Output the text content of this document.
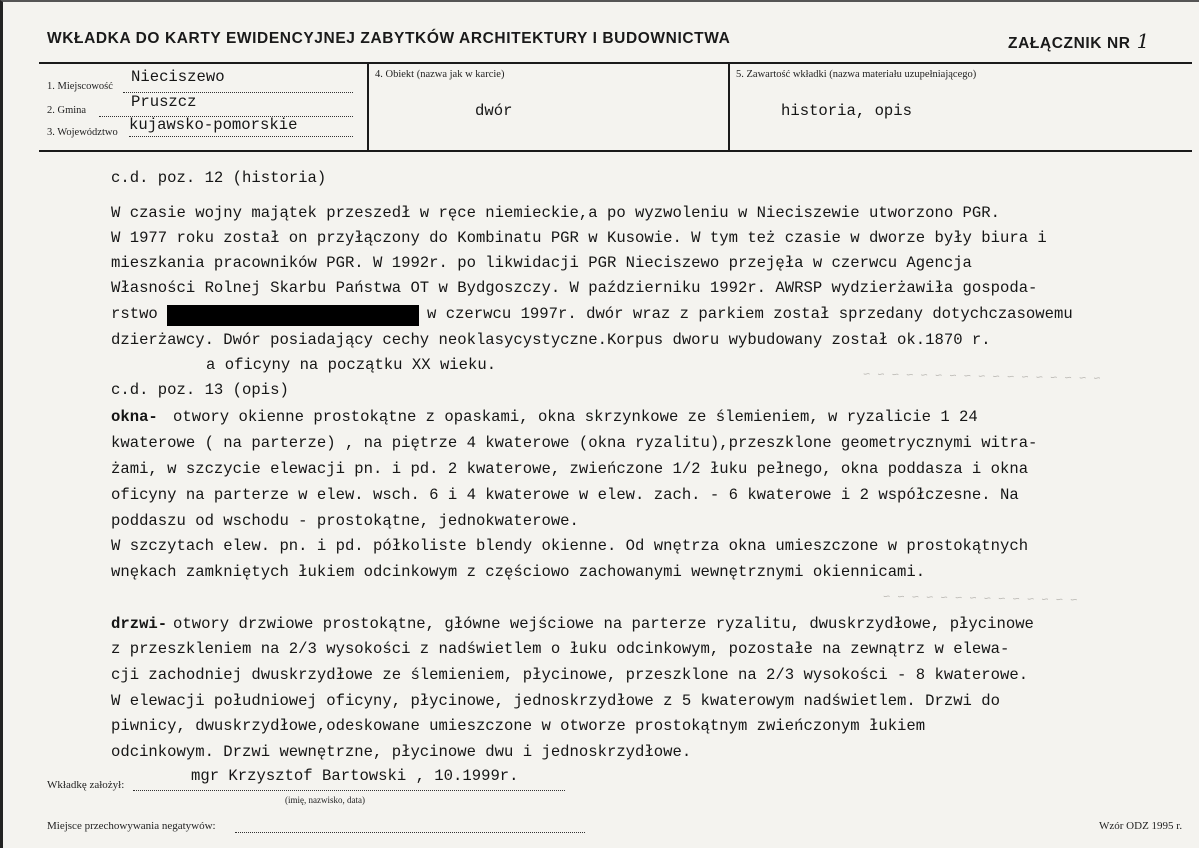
WKŁADKA DO KARTY EWIDENCYJNEJ ZABYTKÓW ARCHITEKTURY I BUDOWNICTWA	ZAŁĄCZNIK NR 1
1. Miejscowość
Nieciszewo
2. Gmina	Pruszcz
3. Województwo kujawsko-pomorskie
4. Obiekt (nazwa jak w karcie)
dwór
5. Zawartość wkładki (nazwa materiału uzupełniającego)
historia, opis
~ ~ ~ ~ ~ ~ ~ ~ ~ ~ ~ ~ ~ ~ ~ ~ ~
~ ~ ~ ~ ~ ~ ~ ~ ~ ~ ~ ~ ~ ~
c.d. poz. 12 (historia)
W czasie wojny majątek przeszedł w ręce niemieckie,a po wyzwoleniu w Nieciszewie utworzono PGR.
W 1977 roku został on przyłączony do Kombinatu PGR w Kusowie. W tym też czasie w dworze były biura i
mieszkania pracowników PGR. W 1992r. po likwidacji PGR Nieciszewo przejęła w czerwcu Agencja
Własności Rolnej Skarbu Państwa OT w Bydgoszczy. W październiku 1992r. AWRSP wydzierżawiła gospoda-
rstwo	w czerwcu 1997r. dwór wraz z parkiem został sprzedany dotychczasowemu
dzierżawcy. Dwór posiadający cechy neoklasycystyczne.Korpus dworu wybudowany został ok.1870 r.
a oficyny na początku XX wieku.
c.d. poz. 13 (opis)
okna- otwory okienne prostokątne z opaskami, okna skrzynkowe ze ślemieniem, w ryzalicie 1 24
kwaterowe ( na parterze) , na piętrze 4 kwaterowe (okna ryzalitu),przeszklone geometrycznymi witra-
żami, w szczycie elewacji pn. i pd. 2 kwaterowe, zwieńczone 1/2 łuku pełnego, okna poddasza i okna
oficyny na parterze w elew. wsch. 6 i 4 kwaterowe w elew. zach. - 6 kwaterowe i 2 współczesne. Na
poddaszu od wschodu - prostokątne, jednokwaterowe.
W szczytach elew. pn. i pd. półkoliste blendy okienne. Od wnętrza okna umieszczone w prostokątnych
wnękach zamkniętych łukiem odcinkowym z częściowo zachowanymi wewnętrznymi okiennicami.
drzwi- otwory drzwiowe prostokątne, główne wejściowe na parterze ryzalitu, dwuskrzydłowe, płycinowe
z przeszkleniem na 2/3 wysokości z nadświetlem o łuku odcinkowym, pozostałe na zewnątrz w elewa-
cji zachodniej dwuskrzydłowe ze ślemieniem, płycinowe, przeszklone na 2/3 wysokości - 8 kwaterowe.
W elewacji południowej oficyny, płycinowe, jednoskrzydłowe z 5 kwaterowym nadświetlem. Drzwi do
piwnicy, dwuskrzydłowe,odeskowane umieszczone w otworze prostokątnym zwieńczonym łukiem
odcinkowym. Drzwi wewnętrzne, płycinowe dwu i jednoskrzydłowe.
Wkładkę założył:	mgr Krzysztof Bartowski , 10.1999r.
(imię, nazwisko, data)
Miejsce przechowywania negatywów:	Wzór ODZ 1995 r.
